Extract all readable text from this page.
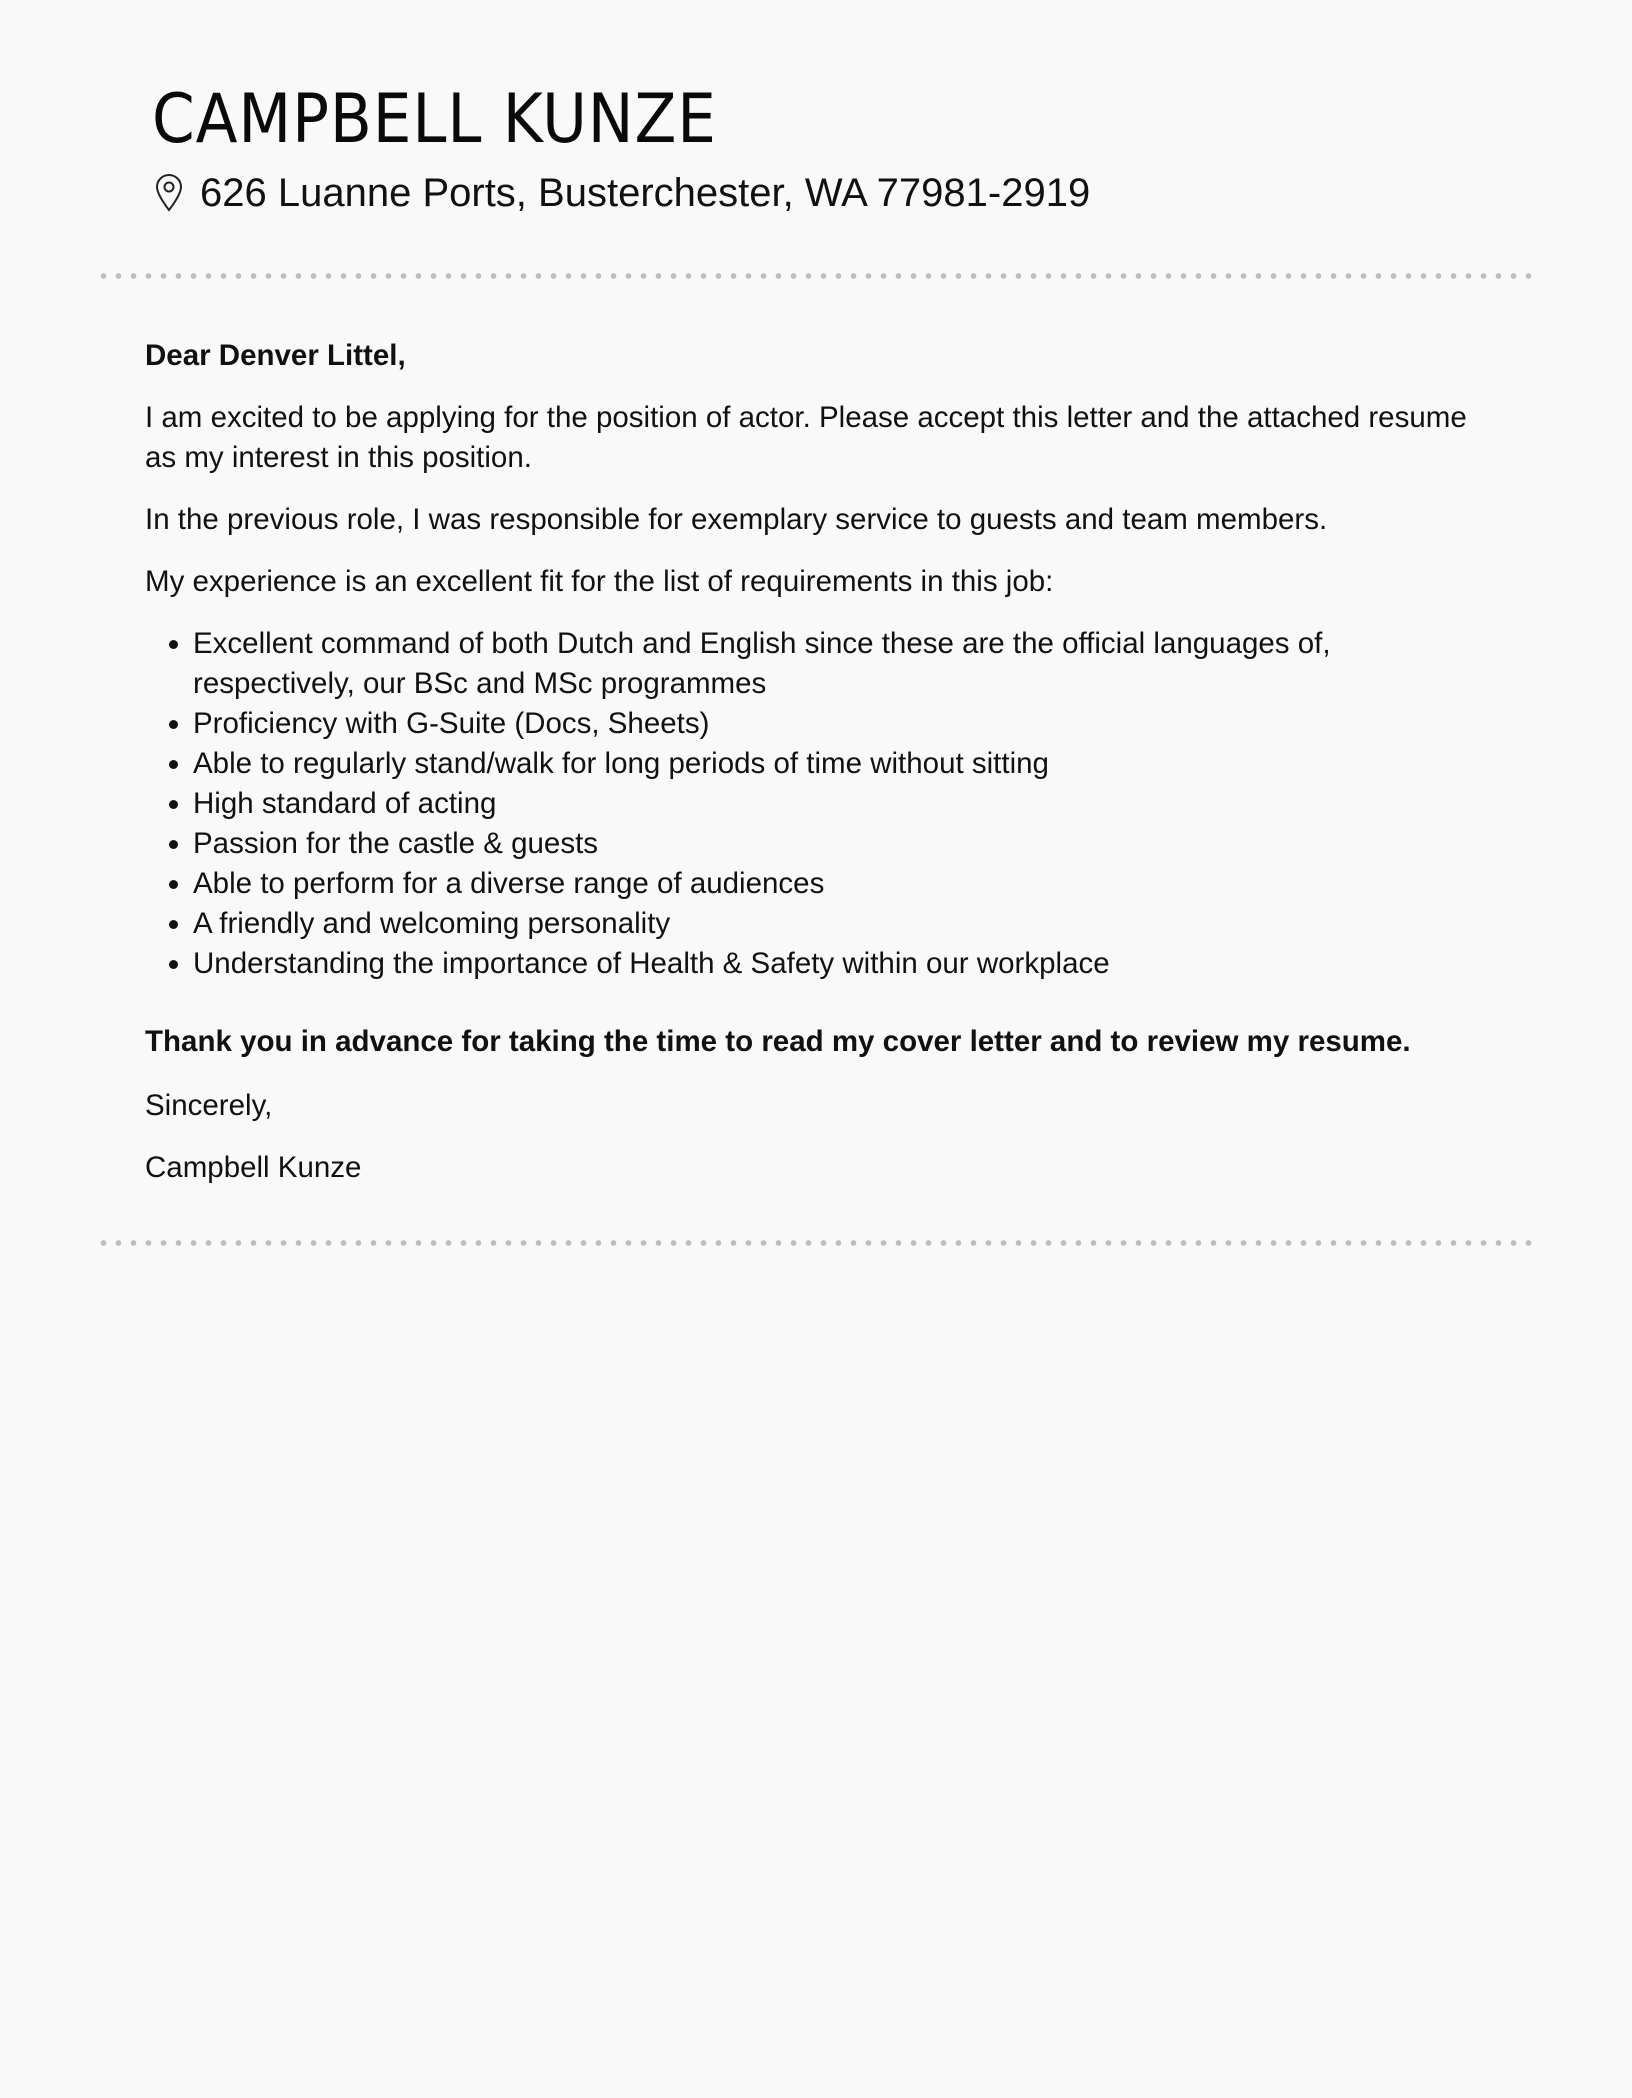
CAMPBELL KUNZE
626 Luanne Ports, Busterchester, WA 77981-2919

Dear Denver Littel,

I am excited to be applying for the position of actor. Please accept this letter and the attached resume as my interest in this position.

In the previous role, I was responsible for exemplary service to guests and team members.

My experience is an excellent fit for the list of requirements in this job:

• Excellent command of both Dutch and English since these are the official languages of, respectively, our BSc and MSc programmes
• Proficiency with G-Suite (Docs, Sheets)
• Able to regularly stand/walk for long periods of time without sitting
• High standard of acting
• Passion for the castle & guests
• Able to perform for a diverse range of audiences
• A friendly and welcoming personality
• Understanding the importance of Health & Safety within our workplace

Thank you in advance for taking the time to read my cover letter and to review my resume.

Sincerely,

Campbell Kunze
